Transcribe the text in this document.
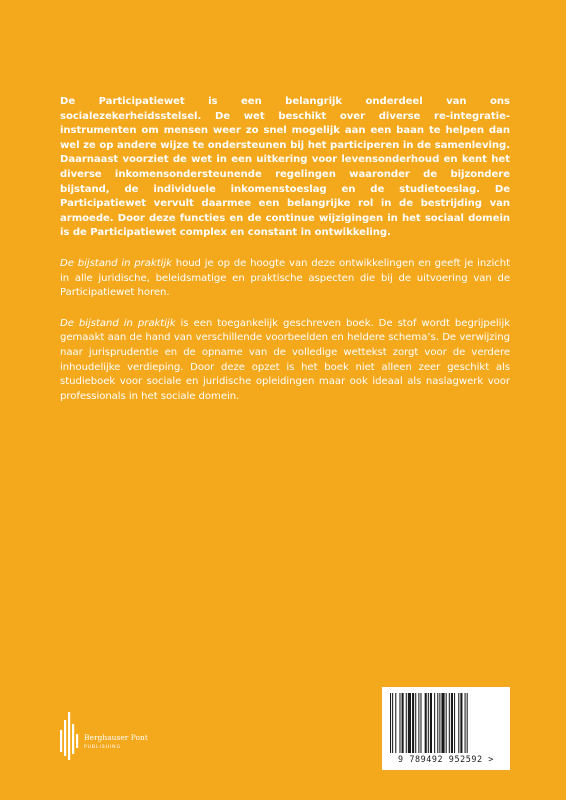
De Participatiewet is een belangrijk onderdeel van ons socialezekerheidsstelsel. De wet beschikt over diverse re-integratie-instrumenten om mensen weer zo snel mogelijk aan een baan te helpen dan wel ze op andere wijze te ondersteunen bij het participeren in de samenleving. Daarnaast voorziet de wet in een uitkering voor levensonderhoud en kent het diverse inkomensondersteunende regelingen waaronder de bijzondere bijstand, de individuele inkomenstoeslag en de studietoeslag. De Participatiewet vervult daarmee een belangrijke rol in de bestrijding van armoede. Door deze functies en de continue wijzigingen in het sociaal domein is de Participatiewet complex en constant in ontwikkeling.

De bijstand in praktijk houd je op de hoogte van deze ontwikkelingen en geeft je inzicht in alle juridische, beleidsmatige en praktische aspecten die bij de uitvoering van de Participatiewet horen.

De bijstand in praktijk is een toegankelijk geschreven boek. De stof wordt begrijpelijk gemaakt aan de hand van verschillende voorbeelden en heldere schema’s. De verwijzing naar jurisprudentie en de opname van de volledige wettekst zorgt voor de verdere inhoudelijke verdieping. Door deze opzet is het boek niet alleen zeer geschikt als studieboek voor sociale en juridische opleidingen maar ook ideaal als naslagwerk voor professionals in het sociale domein.

Berghauser Pont
PUBLISHING
9 789492 952592 >
